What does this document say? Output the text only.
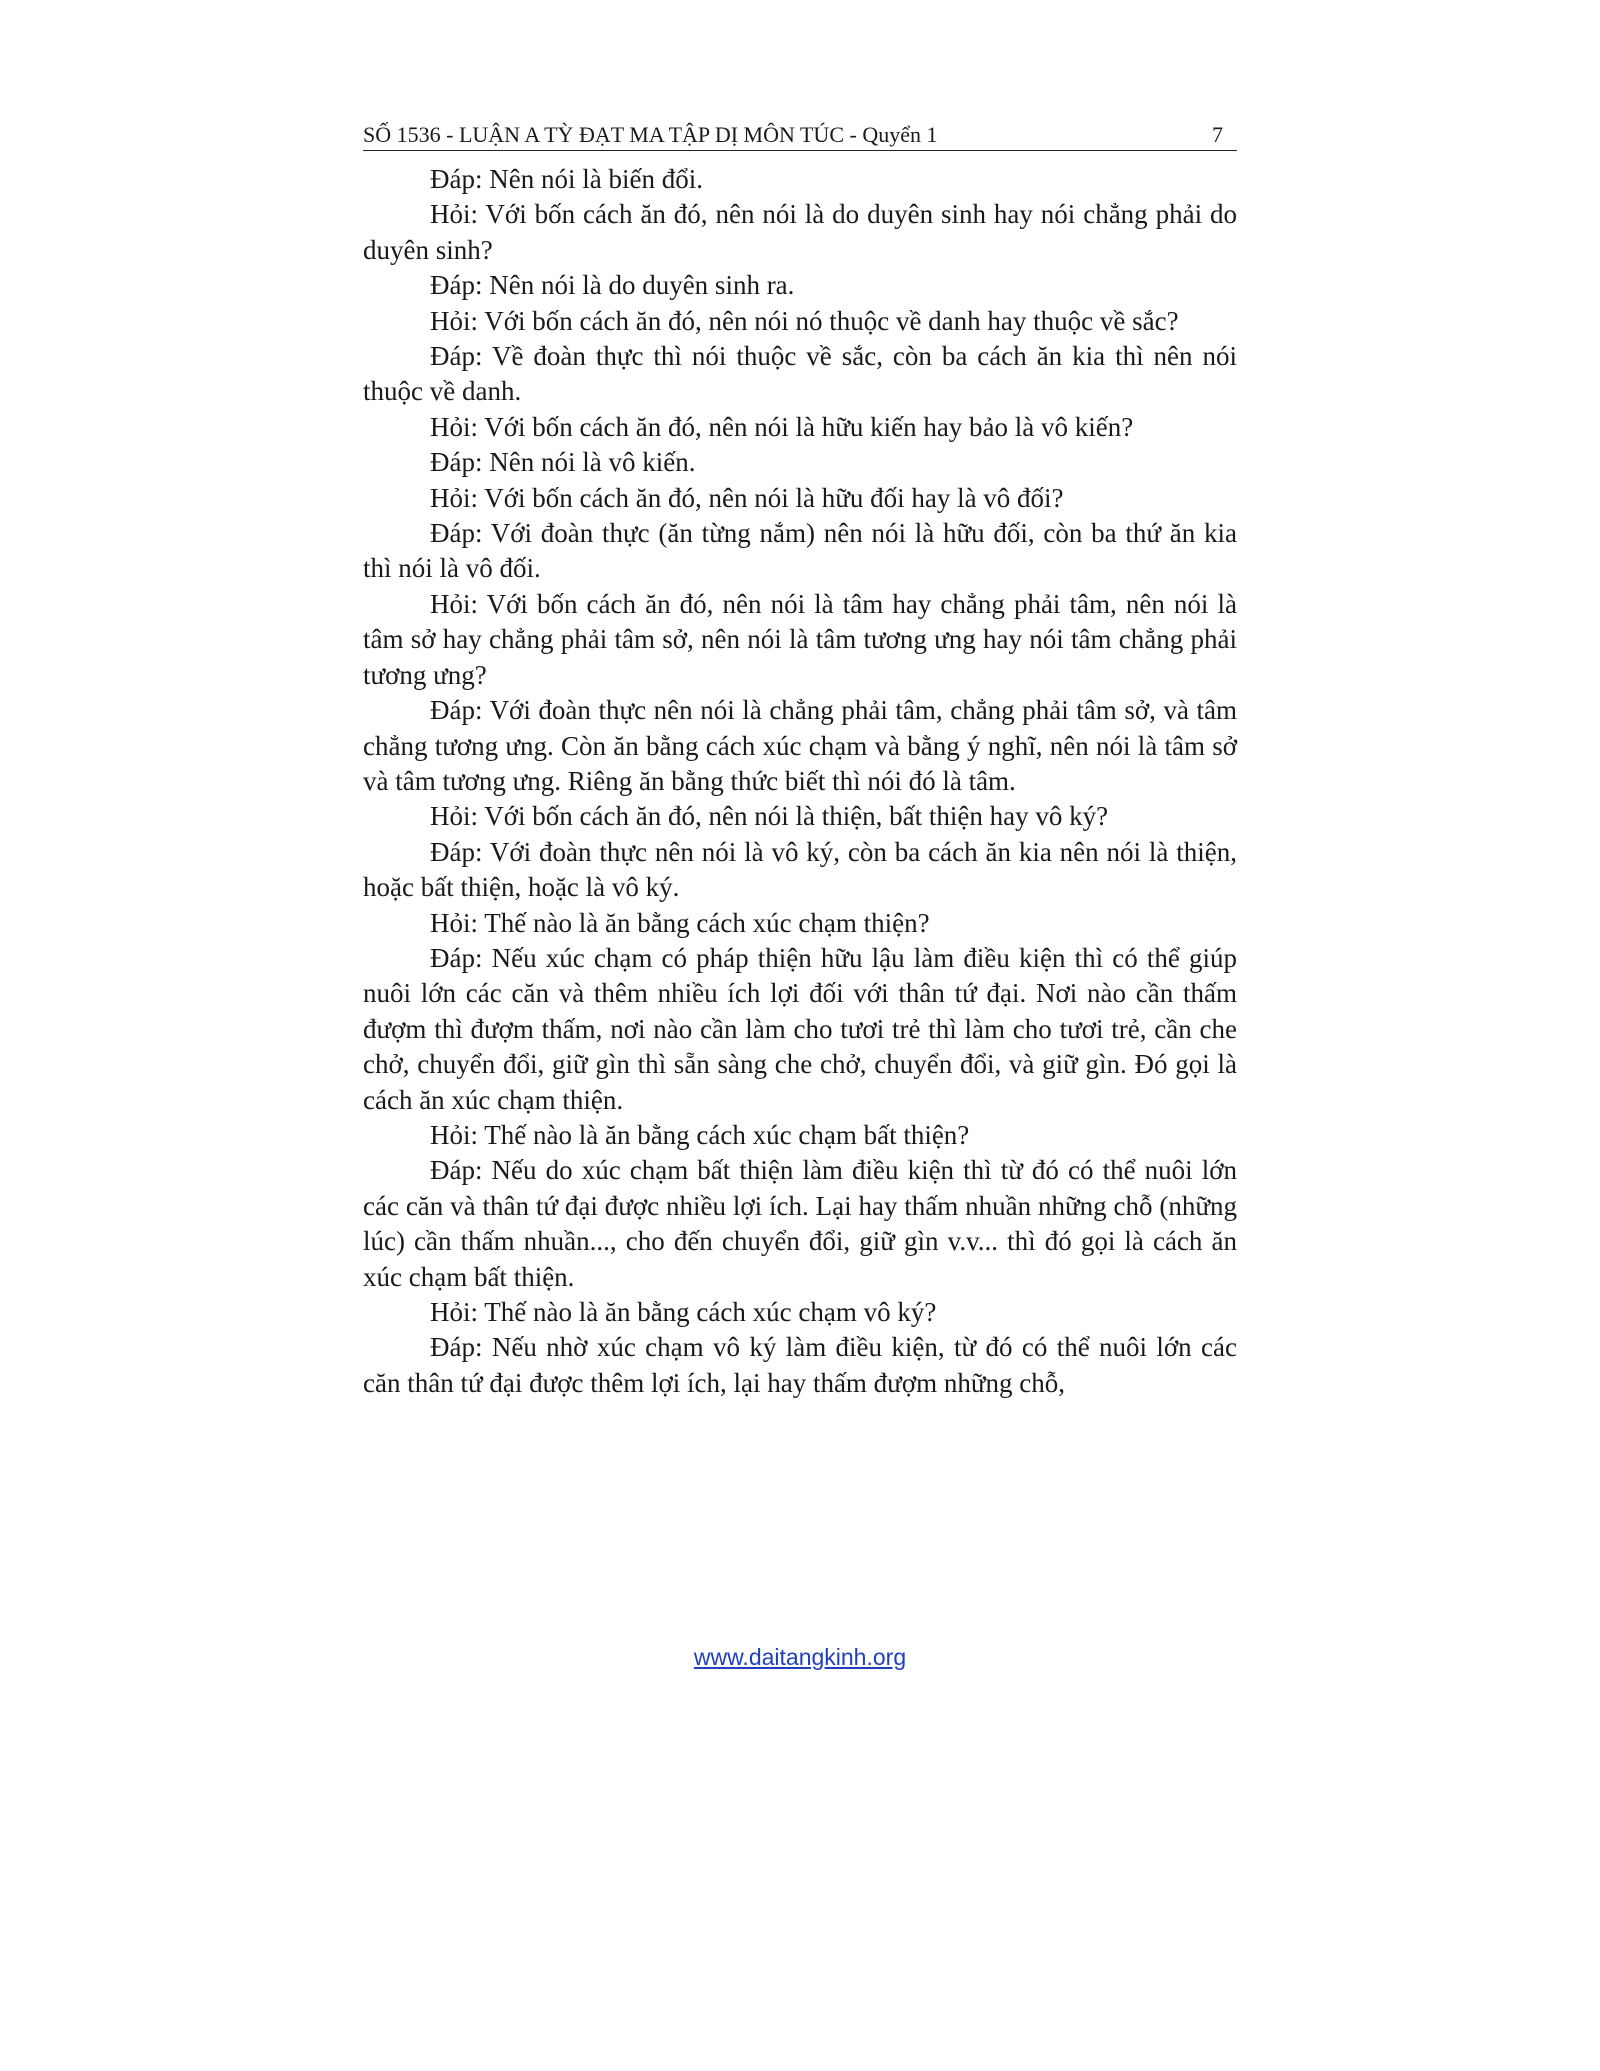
SỐ 1536 - LUẬN A TỲ ĐẠT MA TẬP DỊ MÔN TÚC - Quyển 1	7

Đáp: Nên nói là biến đổi.

Hỏi: Với bốn cách ăn đó, nên nói là do duyên sinh hay nói chẳng phải do duyên sinh?

Đáp: Nên nói là do duyên sinh ra.

Hỏi: Với bốn cách ăn đó, nên nói nó thuộc về danh hay thuộc về sắc?

Đáp: Về đoàn thực thì nói thuộc về sắc, còn ba cách ăn kia thì nên nói thuộc về danh.

Hỏi: Với bốn cách ăn đó, nên nói là hữu kiến hay bảo là vô kiến?

Đáp: Nên nói là vô kiến.

Hỏi: Với bốn cách ăn đó, nên nói là hữu đối hay là vô đối?

Đáp: Với đoàn thực (ăn từng nắm) nên nói là hữu đối, còn ba thứ ăn kia thì nói là vô đối.

Hỏi: Với bốn cách ăn đó, nên nói là tâm hay chẳng phải tâm, nên nói là tâm sở hay chẳng phải tâm sở, nên nói là tâm tương ưng hay nói tâm chẳng phải tương ưng?

Đáp: Với đoàn thực nên nói là chẳng phải tâm, chẳng phải tâm sở, và tâm chẳng tương ưng. Còn ăn bằng cách xúc chạm và bằng ý nghĩ, nên nói là tâm sở và tâm tương ưng. Riêng ăn bằng thức biết thì nói đó là tâm.

Hỏi: Với bốn cách ăn đó, nên nói là thiện, bất thiện hay vô ký?

Đáp: Với đoàn thực nên nói là vô ký, còn ba cách ăn kia nên nói là thiện, hoặc bất thiện, hoặc là vô ký.

Hỏi: Thế nào là ăn bằng cách xúc chạm thiện?

Đáp: Nếu xúc chạm có pháp thiện hữu lậu làm điều kiện thì có thể giúp nuôi lớn các căn và thêm nhiều ích lợi đối với thân tứ đại. Nơi nào cần thấm đượm thì đượm thấm, nơi nào cần làm cho tươi trẻ thì làm cho tươi trẻ, cần che chở, chuyển đổi, giữ gìn thì sẵn sàng che chở, chuyển đổi, và giữ gìn. Đó gọi là cách ăn xúc chạm thiện.

Hỏi: Thế nào là ăn bằng cách xúc chạm bất thiện?

Đáp: Nếu do xúc chạm bất thiện làm điều kiện thì từ đó có thể nuôi lớn các căn và thân tứ đại được nhiều lợi ích. Lại hay thấm nhuần những chỗ (những lúc) cần thấm nhuần..., cho đến chuyển đổi, giữ gìn v.v... thì đó gọi là cách ăn xúc chạm bất thiện.

Hỏi: Thế nào là ăn bằng cách xúc chạm vô ký?

Đáp: Nếu nhờ xúc chạm vô ký làm điều kiện, từ đó có thể nuôi lớn các căn thân tứ đại được thêm lợi ích, lại hay thấm đượm những chỗ,

www.daitangkinh.org
